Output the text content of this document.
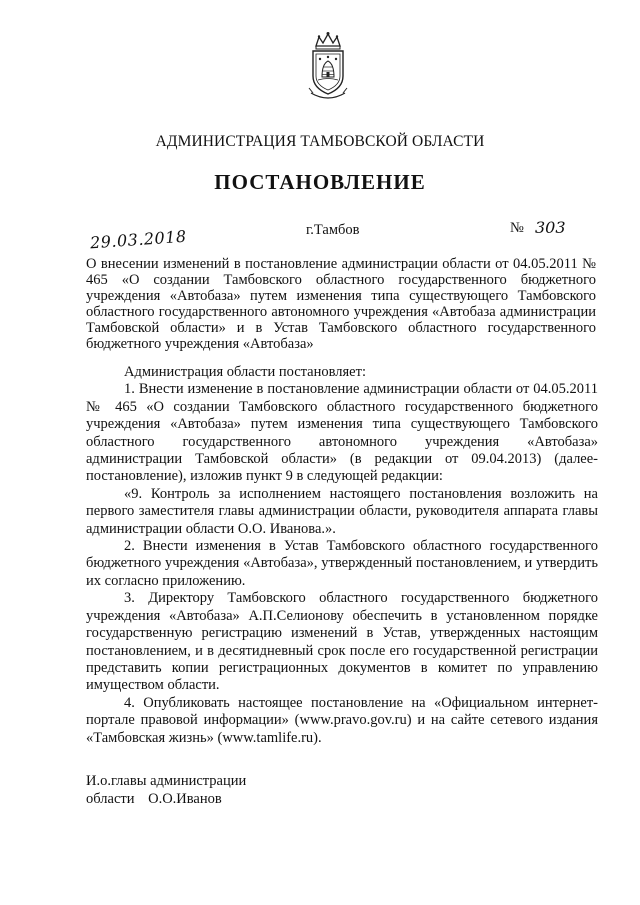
АДМИНИСТРАЦИЯ ТАМБОВСКОЙ ОБЛАСТИ
ПОСТАНОВЛЕНИЕ
29.03.2018	г.Тамбов	№ 303
О внесении изменений в постановление администрации области от 04.05.2011 № 465 «О создании Тамбовского областного государственного бюджетного учреждения «Автобаза» путем изменения типа существующего Тамбовского областного государственного автономного учреждения «Автобаза администрации Тамбовской области» и в Устав Тамбовского областного государственного бюджетного учреждения «Автобаза»

Администрация области постановляет:

1. Внести изменение в постановление администрации области от 04.05.2011 № 465 «О создании Тамбовского областного государственного бюджетного учреждения «Автобаза» путем изменения типа существующего Тамбовского областного государственного автономного учреждения «Автобаза» администрации Тамбовской области» (в редакции от 09.04.2013) (далее- постановление), изложив пункт 9 в следующей редакции:

«9. Контроль за исполнением настоящего постановления возложить на первого заместителя главы администрации области, руководителя аппарата главы администрации области О.О. Иванова.».

2. Внести изменения в Устав Тамбовского областного государственного бюджетного учреждения «Автобаза», утвержденный постановлением, и утвердить их согласно приложению.

3. Директору Тамбовского областного государственного бюджетного учреждения «Автобаза» А.П.Селионову обеспечить в установленном порядке государственную регистрацию изменений в Устав, утвержденных настоящим постановлением, и в десятидневный срок после его государственной регистрации представить копии регистрационных документов в комитет по управлению имуществом области.

4. Опубликовать настоящее постановление на «Официальном интернет-портале правовой информации» (www.pravo.gov.ru) и на сайте сетевого издания «Тамбовская жизнь» (www.tamlife.ru).

И.о.главы администрации
области О.О.Иванов
